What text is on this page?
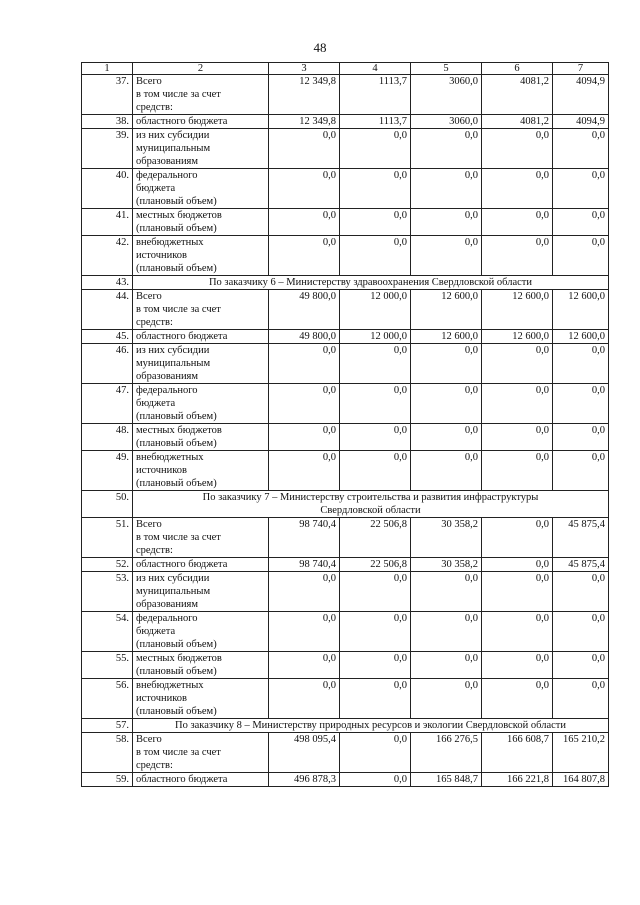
48
1	2	3	4	5	6	7
37.	Всего
в том числе за счет
средств:	12 349,8	1113,7	3060,0	4081,2	4094,9
38.	областного бюджета	12 349,8	1113,7	3060,0	4081,2	4094,9
39.	из них субсидии
муниципальным
образованиям	0,0	0,0	0,0	0,0	0,0
40.	федерального
бюджета
(плановый объем)	0,0	0,0	0,0	0,0	0,0
41.	местных бюджетов
(плановый объем)	0,0	0,0	0,0	0,0	0,0
42.	внебюджетных
источников
(плановый объем)	0,0	0,0	0,0	0,0	0,0
43.	По заказчику 6 – Министерству здравоохранения Свердловской области					

44.	Всего
в том числе за счет
средств:	49 800,0	12 000,0	12 600,0	12 600,0	12 600,0
45.	областного бюджета	49 800,0	12 000,0	12 600,0	12 600,0	12 600,0
46.	из них субсидии
муниципальным
образованиям	0,0	0,0	0,0	0,0	0,0
47.	федерального
бюджета
(плановый объем)	0,0	0,0	0,0	0,0	0,0
48.	местных бюджетов
(плановый объем)	0,0	0,0	0,0	0,0	0,0
49.	внебюджетных
источников
(плановый объем)	0,0	0,0	0,0	0,0	0,0
50.	По заказчику 7 – Министерству строительства и развития инфраструктуры
Свердловской области					

51.	Всего
в том числе за счет
средств:	98 740,4	22 506,8	30 358,2	0,0	45 875,4
52.	областного бюджета	98 740,4	22 506,8	30 358,2	0,0	45 875,4
53.	из них субсидии
муниципальным
образованиям	0,0	0,0	0,0	0,0	0,0
54.	федерального
бюджета
(плановый объем)	0,0	0,0	0,0	0,0	0,0
55.	местных бюджетов
(плановый объем)	0,0	0,0	0,0	0,0	0,0
56.	внебюджетных
источников
(плановый объем)	0,0	0,0	0,0	0,0	0,0
57.	По заказчику 8 – Министерству природных ресурсов и экологии Свердловской области					

58.	Всего
в том числе за счет
средств:	498 095,4	0,0	166 276,5	166 608,7	165 210,2
59.	областного бюджета	496 878,3	0,0	165 848,7	166 221,8	164 807,8
